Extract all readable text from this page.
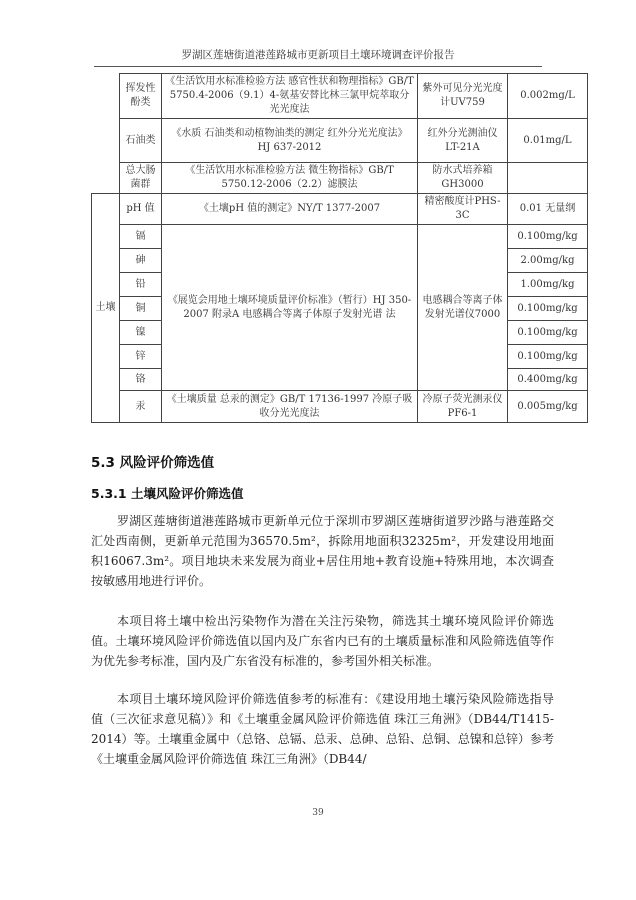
罗湖区莲塘街道港莲路城市更新项目土壤环境调查评价报告
	挥发性酚类	《生活饮用水标准检验方法 感官性状和物理指标》GB/T 5750.4-2006（9.1）4-氨基安替比林三氯甲烷萃取分光光度法	紫外可见分光光度计UV759	0.002mg/L
	石油类	《水质 石油类和动植物油类的测定 红外分光光度法》HJ 637-2012	红外分光测油仪LT-21A	0.01mg/L
	总大肠菌群	《生活饮用水标准检验方法 微生物指标》GB/T 5750.12-2006（2.2）滤膜法	防水式培养箱GH3000	
土壤	pH 值	《土壤pH 值的测定》NY/T 1377-2007	精密酸度计PHS-3C	0.01 无量纲
	镉	《展览会用地土壤环境质量评价标准》（暂行）HJ 350-2007 附录A 电感耦合等离子体原子发射光谱 法	电感耦合等离子体发射光谱仪7000	0.100mg/kg
	砷			2.00mg/kg
	铅			1.00mg/kg
	铜			0.100mg/kg
	镍			0.100mg/kg
	锌			0.100mg/kg
	铬			0.400mg/kg
	汞	《土壤质量 总汞的测定》GB/T 17136-1997 冷原子吸收分光光度法	冷原子荧光测汞仪PF6-1	0.005mg/kg
5.3 风险评价筛选值
5.3.1 土壤风险评价筛选值

罗湖区莲塘街道港莲路城市更新单元位于深圳市罗湖区莲塘街道罗沙路与港莲路交汇处西南侧，更新单元范围为36570.5m²，拆除用地面积32325m²，开发建设用地面积16067.3m²。项目地块未来发展为商业+居住用地+教育设施+特殊用地，本次调查按敏感用地进行评价。

本项目将土壤中检出污染物作为潜在关注污染物，筛选其土壤环境风险评价筛选值。土壤环境风险评价筛选值以国内及广东省内已有的土壤质量标准和风险筛选值等作为优先参考标准，国内及广东省没有标准的，参考国外相关标准。

本项目土壤环境风险评价筛选值参考的标准有：《建设用地土壤污染风险筛选指导值（三次征求意见稿）》和《土壤重金属风险评价筛选值 珠江三角洲》（DB44/T1415-2014）等。土壤重金属中（总铬、总镉、总汞、总砷、总铅、总铜、总镍和总锌）参考《土壤重金属风险评价筛选值 珠江三角洲》（DB44/

39
